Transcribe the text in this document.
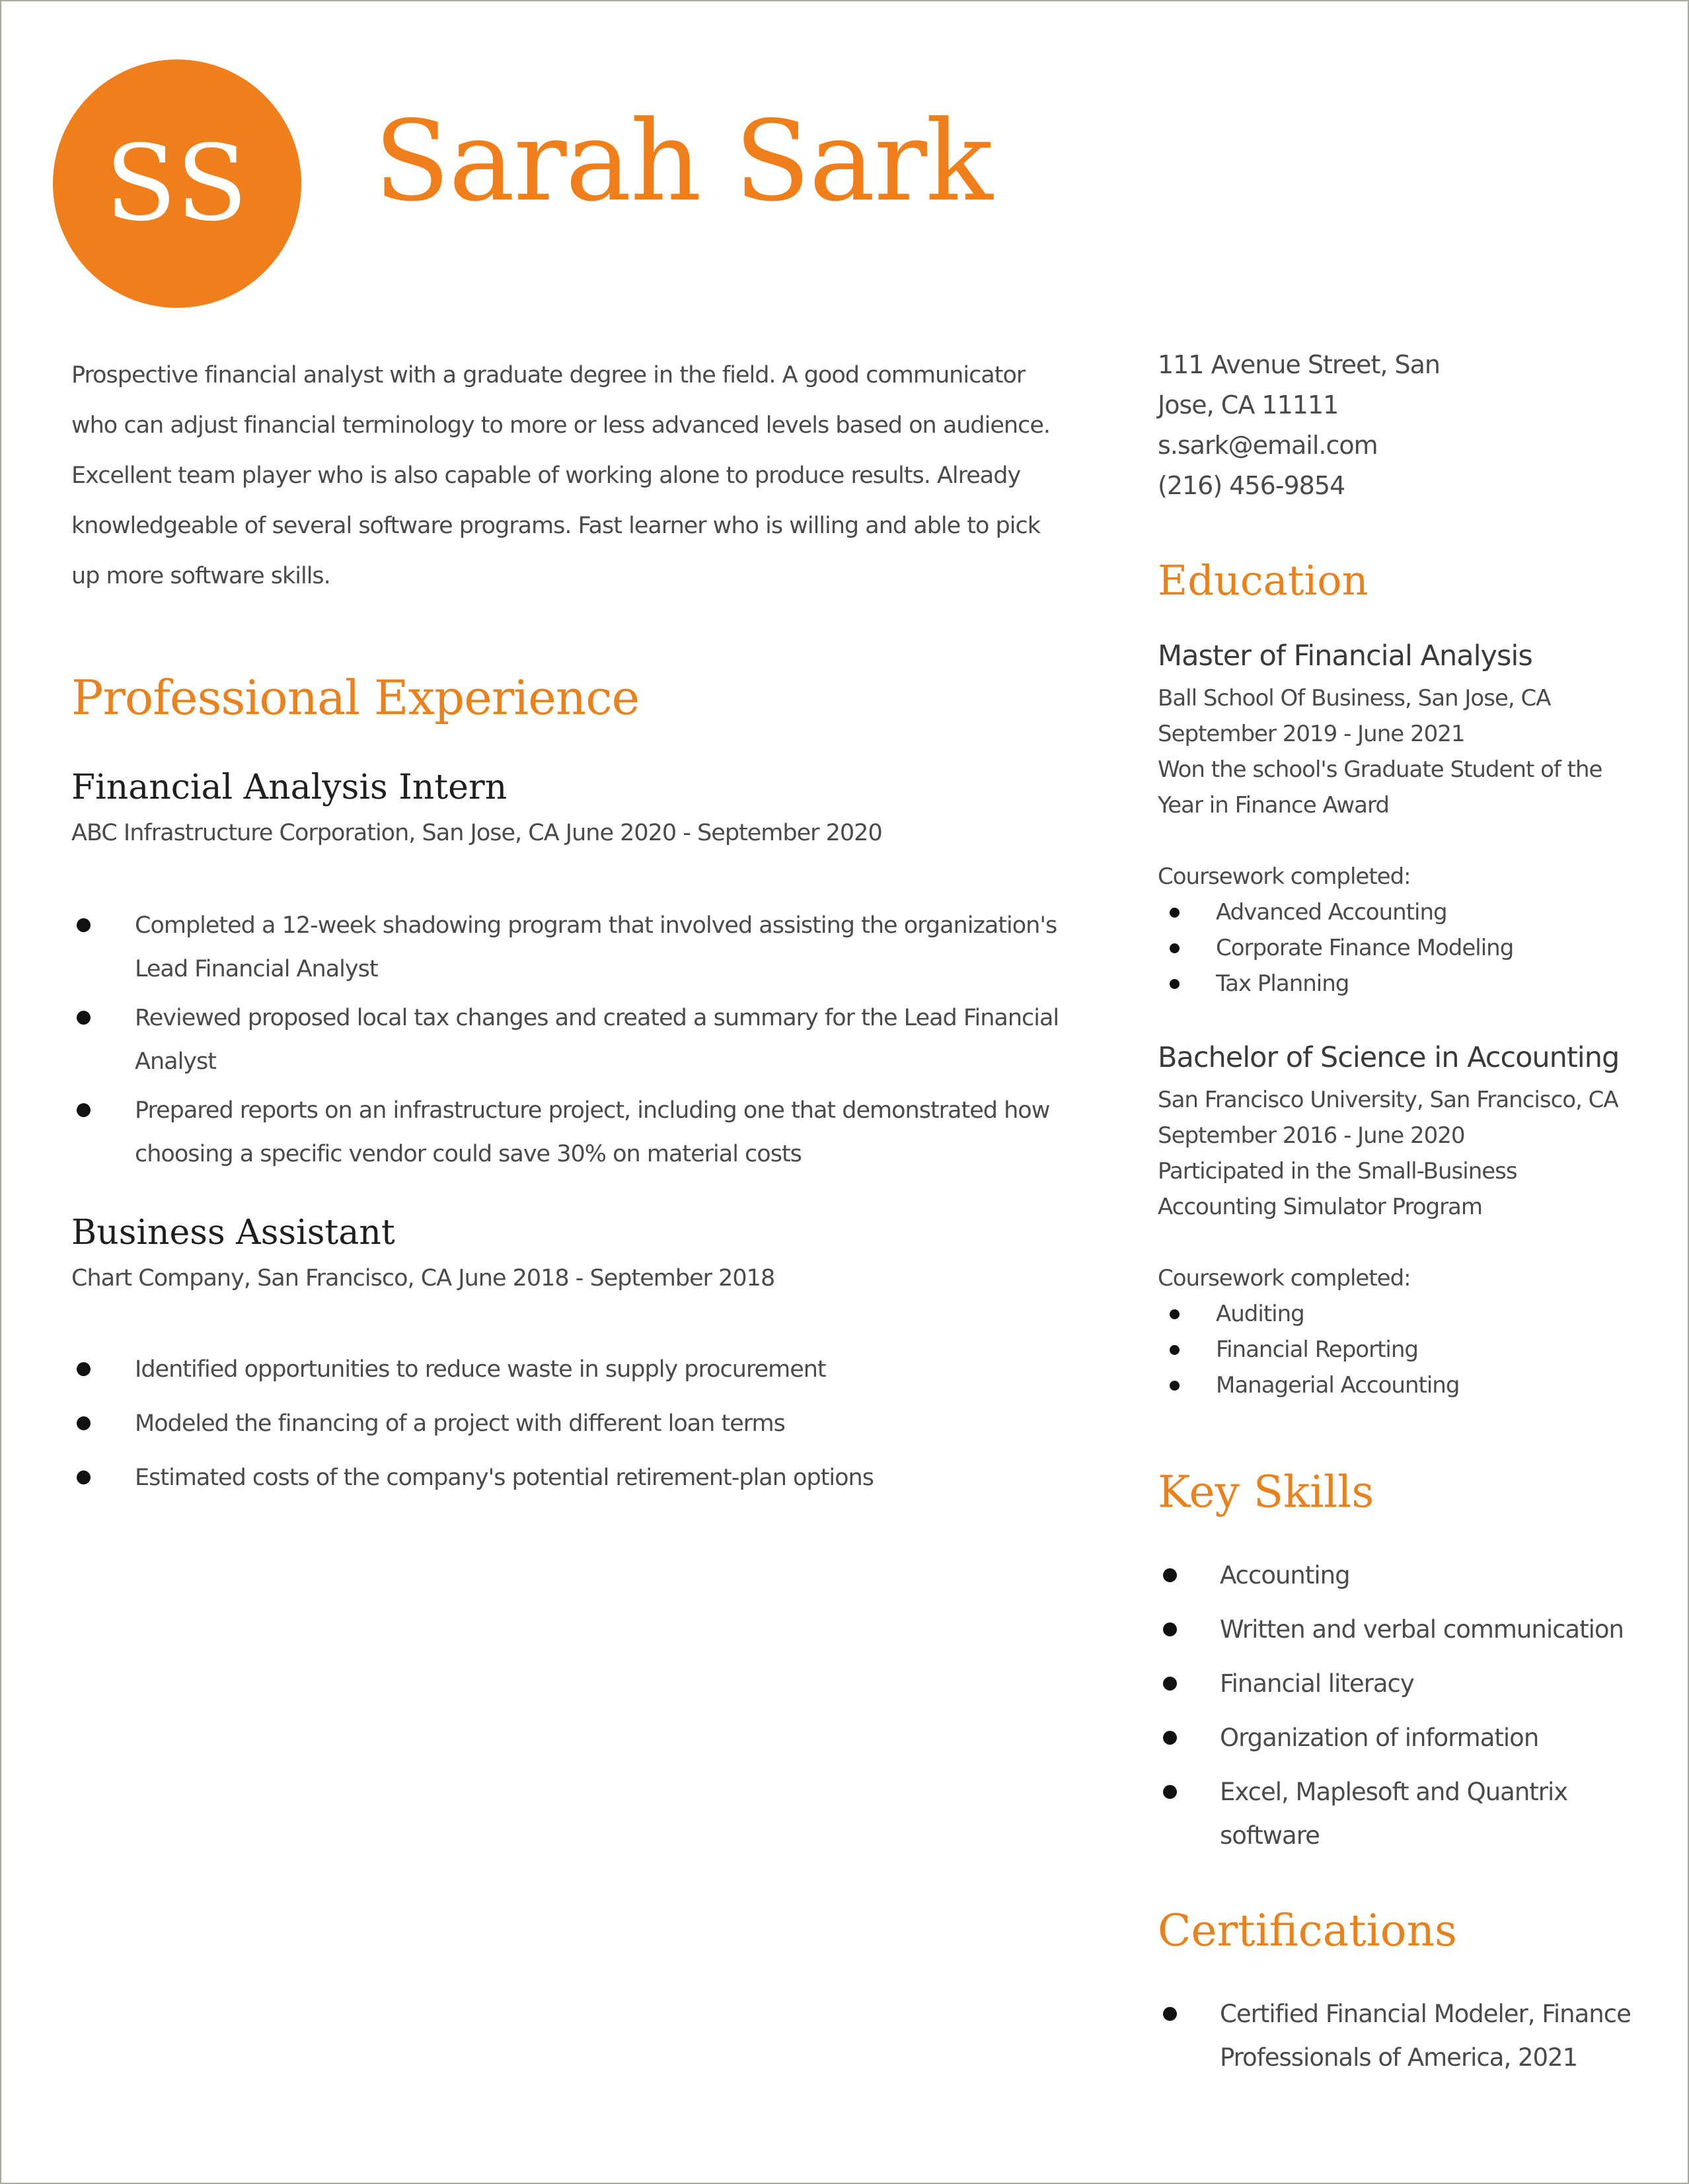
SS Sarah Sark
Prospective financial analyst with a graduate degree in the field. A good communicator who can adjust financial terminology to more or less advanced levels based on audience. Excellent team player who is also capable of working alone to produce results. Already knowledgeable of several software programs. Fast learner who is willing and able to pick up more software skills.
Professional Experience
Financial Analysis Intern
ABC Infrastructure Corporation, San Jose, CA June 2020 - September 2020
Completed a 12-week shadowing program that involved assisting the organization's Lead Financial Analyst
Reviewed proposed local tax changes and created a summary for the Lead Financial Analyst
Prepared reports on an infrastructure project, including one that demonstrated how choosing a specific vendor could save 30% on material costs
Business Assistant
Chart Company, San Francisco, CA June 2018 - September 2018
Identified opportunities to reduce waste in supply procurement
Modeled the financing of a project with different loan terms
Estimated costs of the company's potential retirement-plan options
111 Avenue Street, San
Jose, CA 11111
s.sark@email.com
(216) 456-9854
Education
Master of Financial Analysis
Ball School Of Business, San Jose, CA
September 2019 - June 2021
Won the school's Graduate Student of the Year in Finance Award
Coursework completed:
Advanced Accounting
Corporate Finance Modeling
Tax Planning
Bachelor of Science in Accounting
San Francisco University, San Francisco, CA
September 2016 - June 2020
Participated in the Small-Business Accounting Simulator Program
Coursework completed:
Auditing
Financial Reporting
Managerial Accounting
Key Skills
Accounting
Written and verbal communication
Financial literacy
Organization of information
Excel, Maplesoft and Quantrix software
Certifications
Certified Financial Modeler, Finance Professionals of America, 2021
